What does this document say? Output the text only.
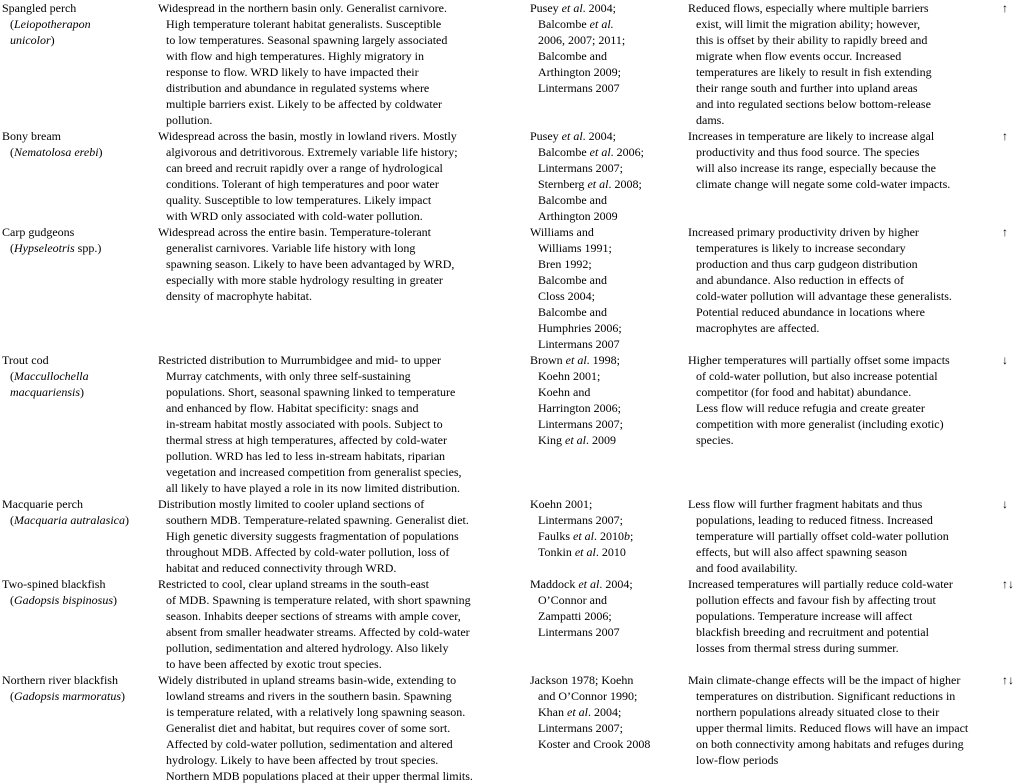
Spangled perch
(Leiopotherapon
unicolor)
Widespread in the northern basin only. Generalist carnivore.
High temperature tolerant habitat generalists. Susceptible
to low temperatures. Seasonal spawning largely associated
with flow and high temperatures. Highly migratory in
response to flow. WRD likely to have impacted their
distribution and abundance in regulated systems where
multiple barriers exist. Likely to be affected by coldwater
pollution.
Pusey et al. 2004;
Balcombe et al.
2006, 2007; 2011;
Balcombe and
Arthington 2009;
Lintermans 2007
Reduced flows, especially where multiple barriers
exist, will limit the migration ability; however,
this is offset by their ability to rapidly breed and
migrate when flow events occur. Increased
temperatures are likely to result in fish extending
their range south and further into upland areas
and into regulated sections below bottom-release
dams.
↑
Bony bream
(Nematolosa erebi)
Widespread across the basin, mostly in lowland rivers. Mostly
algivorous and detritivorous. Extremely variable life history;
can breed and recruit rapidly over a range of hydrological
conditions. Tolerant of high temperatures and poor water
quality. Susceptible to low temperatures. Likely impact
with WRD only associated with cold-water pollution.
Pusey et al. 2004;
Balcombe et al. 2006;
Lintermans 2007;
Sternberg et al. 2008;
Balcombe and
Arthington 2009
Increases in temperature are likely to increase algal
productivity and thus food source. The species
will also increase its range, especially because the
climate change will negate some cold-water impacts.
↑
Carp gudgeons
(Hypseleotris spp.)
Widespread across the entire basin. Temperature-tolerant
generalist carnivores. Variable life history with long
spawning season. Likely to have been advantaged by WRD,
especially with more stable hydrology resulting in greater
density of macrophyte habitat.
Williams and
Williams 1991;
Bren 1992;
Balcombe and
Closs 2004;
Balcombe and
Humphries 2006;
Lintermans 2007
Increased primary productivity driven by higher
temperatures is likely to increase secondary
production and thus carp gudgeon distribution
and abundance. Also reduction in effects of
cold-water pollution will advantage these generalists.
Potential reduced abundance in locations where
macrophytes are affected.
↑
Trout cod
(Maccullochella
macquariensis)
Restricted distribution to Murrumbidgee and mid- to upper
Murray catchments, with only three self-sustaining
populations. Short, seasonal spawning linked to temperature
and enhanced by flow. Habitat specificity: snags and
in-stream habitat mostly associated with pools. Subject to
thermal stress at high temperatures, affected by cold-water
pollution. WRD has led to less in-stream habitats, riparian
vegetation and increased competition from generalist species,
all likely to have played a role in its now limited distribution.
Brown et al. 1998;
Koehn 2001;
Koehn and
Harrington 2006;
Lintermans 2007;
King et al. 2009
Higher temperatures will partially offset some impacts
of cold-water pollution, but also increase potential
competitor (for food and habitat) abundance.
Less flow will reduce refugia and create greater
competition with more generalist (including exotic)
species.
↓
Macquarie perch
(Macquaria autralasica)
Distribution mostly limited to cooler upland sections of
southern MDB. Temperature-related spawning. Generalist diet.
High genetic diversity suggests fragmentation of populations
throughout MDB. Affected by cold-water pollution, loss of
habitat and reduced connectivity through WRD.
Koehn 2001;
Lintermans 2007;
Faulks et al. 2010b;
Tonkin et al. 2010
Less flow will further fragment habitats and thus
populations, leading to reduced fitness. Increased
temperature will partially offset cold-water pollution
effects, but will also affect spawning season
and food availability.
↓
Two-spined blackfish
(Gadopsis bispinosus)
Restricted to cool, clear upland streams in the south-east
of MDB. Spawning is temperature related, with short spawning
season. Inhabits deeper sections of streams with ample cover,
absent from smaller headwater streams. Affected by cold-water
pollution, sedimentation and altered hydrology. Also likely
to have been affected by exotic trout species.
Maddock et al. 2004;
O’Connor and
Zampatti 2006;
Lintermans 2007
Increased temperatures will partially reduce cold-water
pollution effects and favour fish by affecting trout
populations. Temperature increase will affect
blackfish breeding and recruitment and potential
losses from thermal stress during summer.
↑↓
Northern river blackfish
(Gadopsis marmoratus)
Widely distributed in upland streams basin-wide, extending to
lowland streams and rivers in the southern basin. Spawning
is temperature related, with a relatively long spawning season.
Generalist diet and habitat, but requires cover of some sort.
Affected by cold-water pollution, sedimentation and altered
hydrology. Likely to have been affected by trout species.
Northern MDB populations placed at their upper thermal limits.
Jackson 1978; Koehn
and O’Connor 1990;
Khan et al. 2004;
Lintermans 2007;
Koster and Crook 2008
Main climate-change effects will be the impact of higher
temperatures on distribution. Significant reductions in
northern populations already situated close to their
upper thermal limits. Reduced flows will have an impact
on both connectivity among habitats and refuges during
low-flow periods
↑↓
